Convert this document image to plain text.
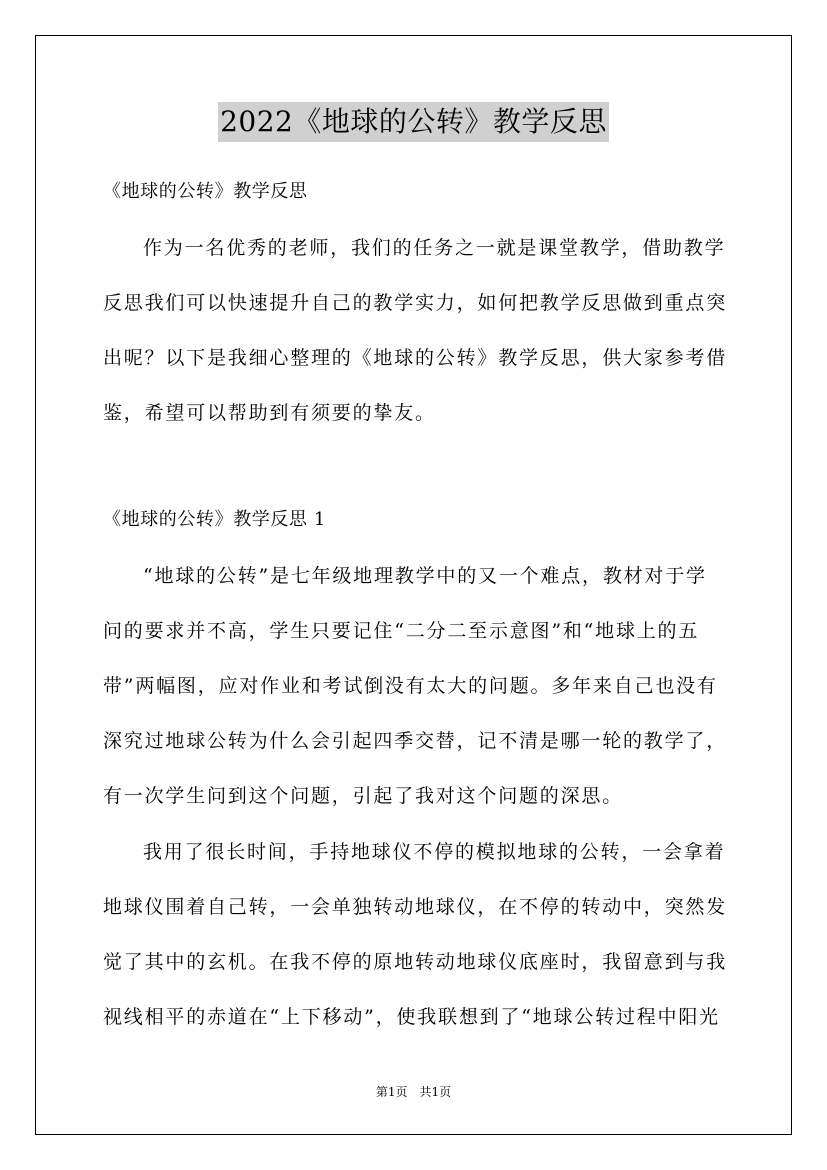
2022《地球的公转》教学反思
《地球的公转》教学反思
作为一名优秀的老师，我们的任务之一就是课堂教学，借助教学
反思我们可以快速提升自己的教学实力，如何把教学反思做到重点突
出呢？以下是我细心整理的《地球的公转》教学反思，供大家参考借
鉴，希望可以帮助到有须要的挚友。
《地球的公转》教学反思 1
“地球的公转”是七年级地理教学中的又一个难点，教材对于学
问的要求并不高，学生只要记住“二分二至示意图”和“地球上的五
带”两幅图，应对作业和考试倒没有太大的问题。多年来自己也没有
深究过地球公转为什么会引起四季交替，记不清是哪一轮的教学了，
有一次学生问到这个问题，引起了我对这个问题的深思。
我用了很长时间，手持地球仪不停的模拟地球的公转，一会拿着
地球仪围着自己转，一会单独转动地球仪，在不停的转动中，突然发
觉了其中的玄机。在我不停的原地转动地球仪底座时，我留意到与我
视线相平的赤道在“上下移动”，使我联想到了“地球公转过程中阳光
第1页　共1页
